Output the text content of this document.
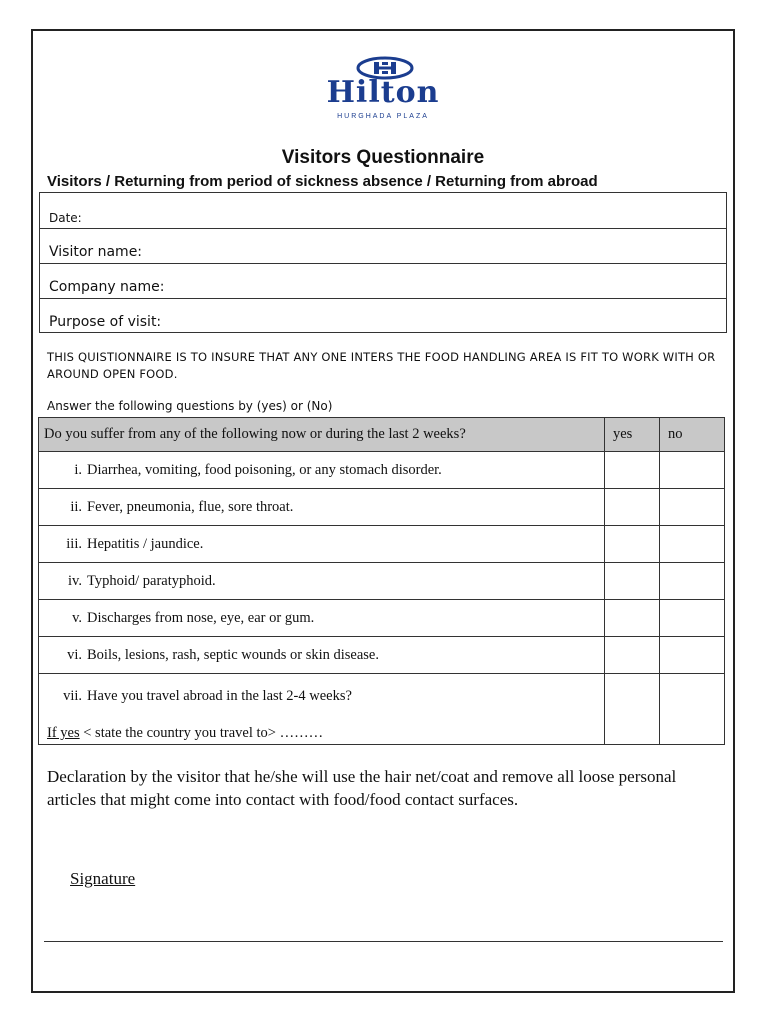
Hilton
HURGHADA PLAZA
Visitors Questionnaire
Visitors / Returning from period of sickness absence / Returning from abroad
Date:
Visitor name:
Company name:
Purpose of visit:
THIS QUISTIONNAIRE IS TO INSURE THAT ANY ONE INTERS THE FOOD HANDLING AREA IS FIT TO WORK WITH OR AROUND OPEN FOOD.
Answer the following questions by (yes) or (No)
Do you suffer from any of the following now or during the last 2 weeks?	yes	no
i. Diarrhea, vomiting, food poisoning, or any stomach disorder.		
ii. Fever, pneumonia, flue, sore throat.		
iii. Hepatitis / jaundice.		
iv. Typhoid/ paratyphoid.		
v. Discharges from nose, eye, ear or gum.		
vi. Boils, lesions, rash, septic wounds or skin disease.		

vii. Have you travel abroad in the last 2-4 weeks?
If yes < state the country you travel to> ………		

Declaration by the visitor that he/she will use the hair net/coat and remove all loose personal articles that might come into contact with food/food contact surfaces.
Signature
